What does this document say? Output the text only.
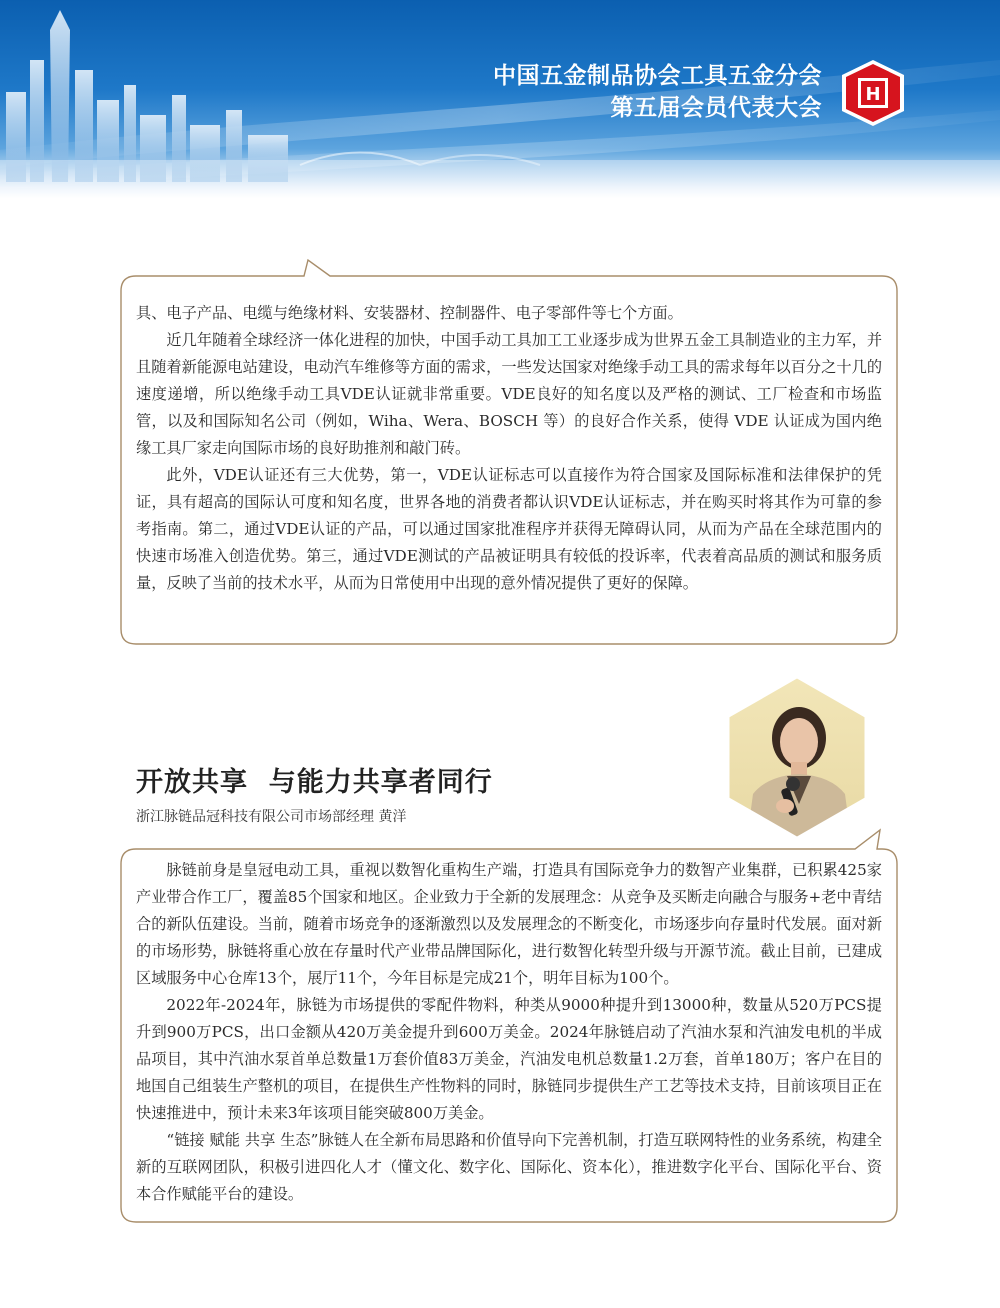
中国五金制品协会工具五金分会
第五届会员代表大会
H

具、电子产品、电缆与绝缘材料、安装器材、控制器件、电子零部件等七个方面。

近几年随着全球经济一体化进程的加快，中国手动工具加工工业逐步成为世界五金工具制造业的主力军，并且随着新能源电站建设，电动汽车维修等方面的需求，一些发达国家对绝缘手动工具的需求每年以百分之十几的速度递增，所以绝缘手动工具VDE认证就非常重要。VDE良好的知名度以及严格的测试、工厂检查和市场监管，以及和国际知名公司（例如，Wiha、Wera、BOSCH 等）的良好合作关系，使得 VDE 认证成为国内绝缘工具厂家走向国际市场的良好助推剂和敲门砖。

此外，VDE认证还有三大优势，第一，VDE认证标志可以直接作为符合国家及国际标准和法律保护的凭证，具有超高的国际认可度和知名度，世界各地的消费者都认识VDE认证标志，并在购买时将其作为可靠的参考指南。第二，通过VDE认证的产品，可以通过国家批准程序并获得无障碍认同，从而为产品在全球范围内的快速市场准入创造优势。第三，通过VDE测试的产品被证明具有较低的投诉率，代表着高品质的测试和服务质量，反映了当前的技术水平，从而为日常使用中出现的意外情况提供了更好的保障。

开放共享  与能力共享者同行
浙江脉链品冠科技有限公司市场部经理 黄洋

脉链前身是皇冠电动工具，重视以数智化重构生产端，打造具有国际竞争力的数智产业集群，已积累425家产业带合作工厂，覆盖85个国家和地区。企业致力于全新的发展理念：从竞争及买断走向融合与服务+老中青结合的新队伍建设。当前，随着市场竞争的逐渐激烈以及发展理念的不断变化，市场逐步向存量时代发展。面对新的市场形势，脉链将重心放在存量时代产业带品牌国际化，进行数智化转型升级与开源节流。截止目前，已建成区域服务中心仓库13个，展厅11个，今年目标是完成21个，明年目标为100个。

2022年-2024年，脉链为市场提供的零配件物料，种类从9000种提升到13000种，数量从520万PCS提升到900万PCS，出口金额从420万美金提升到600万美金。2024年脉链启动了汽油水泵和汽油发电机的半成品项目，其中汽油水泵首单总数量1万套价值83万美金，汽油发电机总数量1.2万套，首单180万；客户在目的地国自己组装生产整机的项目，在提供生产性物料的同时，脉链同步提供生产工艺等技术支持，目前该项目正在快速推进中，预计未来3年该项目能突破800万美金。

“链接 赋能 共享 生态”脉链人在全新布局思路和价值导向下完善机制，打造互联网特性的业务系统，构建全新的互联网团队，积极引进四化人才（懂文化、数字化、国际化、资本化），推进数字化平台、国际化平台、资本合作赋能平台的建设。
